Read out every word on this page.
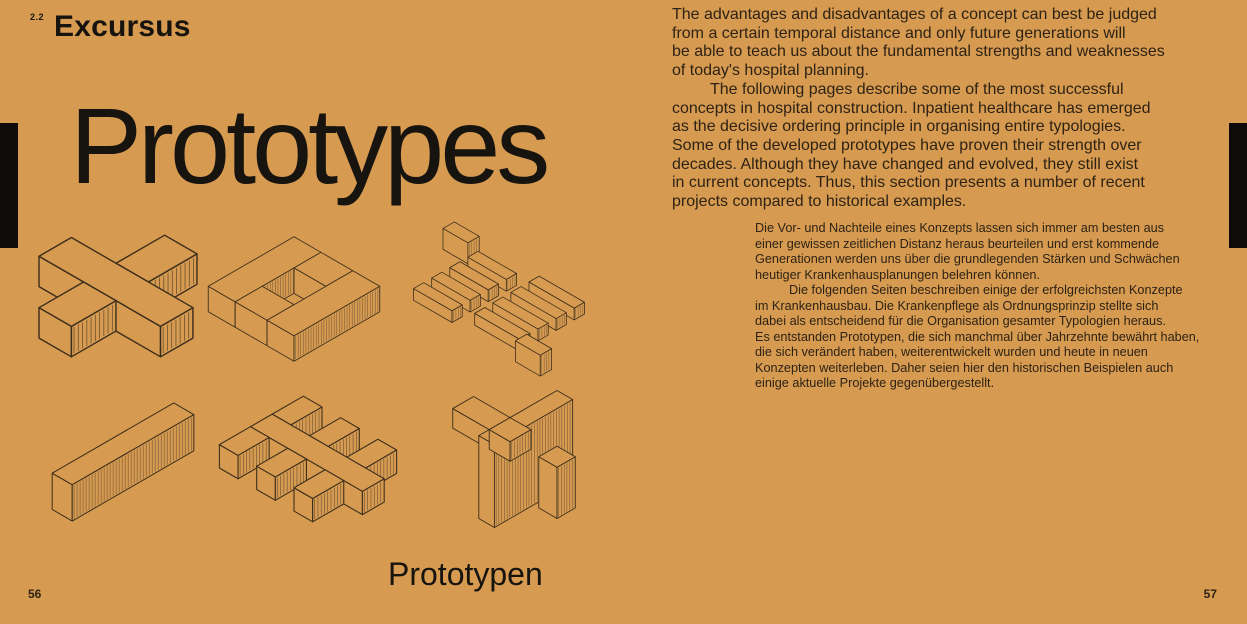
2.2 Excursus
Prototypes
Prototypen
56

The advantages and disadvantages of a concept can best be judged
from a certain temporal distance and only future generations will
be able to teach us about the fundamental strengths and weaknesses
of today's hospital planning.

The following pages describe some of the most successful
concepts in hospital construction. Inpatient healthcare has emerged
as the decisive ordering principle in organising entire typologies.
Some of the developed prototypes have proven their strength over
decades. Although they have changed and evolved, they still exist
in current concepts. Thus, this section presents a number of recent
projects compared to historical examples.

Die Vor- und Nachteile eines Konzepts lassen sich immer am besten aus
einer gewissen zeitlichen Distanz heraus beurteilen und erst kommende
Generationen werden uns über die grundlegenden Stärken und Schwächen
heutiger Krankenhausplanungen belehren können.

Die folgenden Seiten beschreiben einige der erfolgreichsten Konzepte
im Krankenhausbau. Die Krankenpflege als Ordnungsprinzip stellte sich
dabei als entscheidend für die Organisation gesamter Typologien heraus.
Es entstanden Prototypen, die sich manchmal über Jahrzehnte bewährt haben,
die sich verändert haben, weiterentwickelt wurden und heute in neuen
Konzepten weiterleben. Daher seien hier den historischen Beispielen auch
einige aktuelle Projekte gegenübergestellt.

57
